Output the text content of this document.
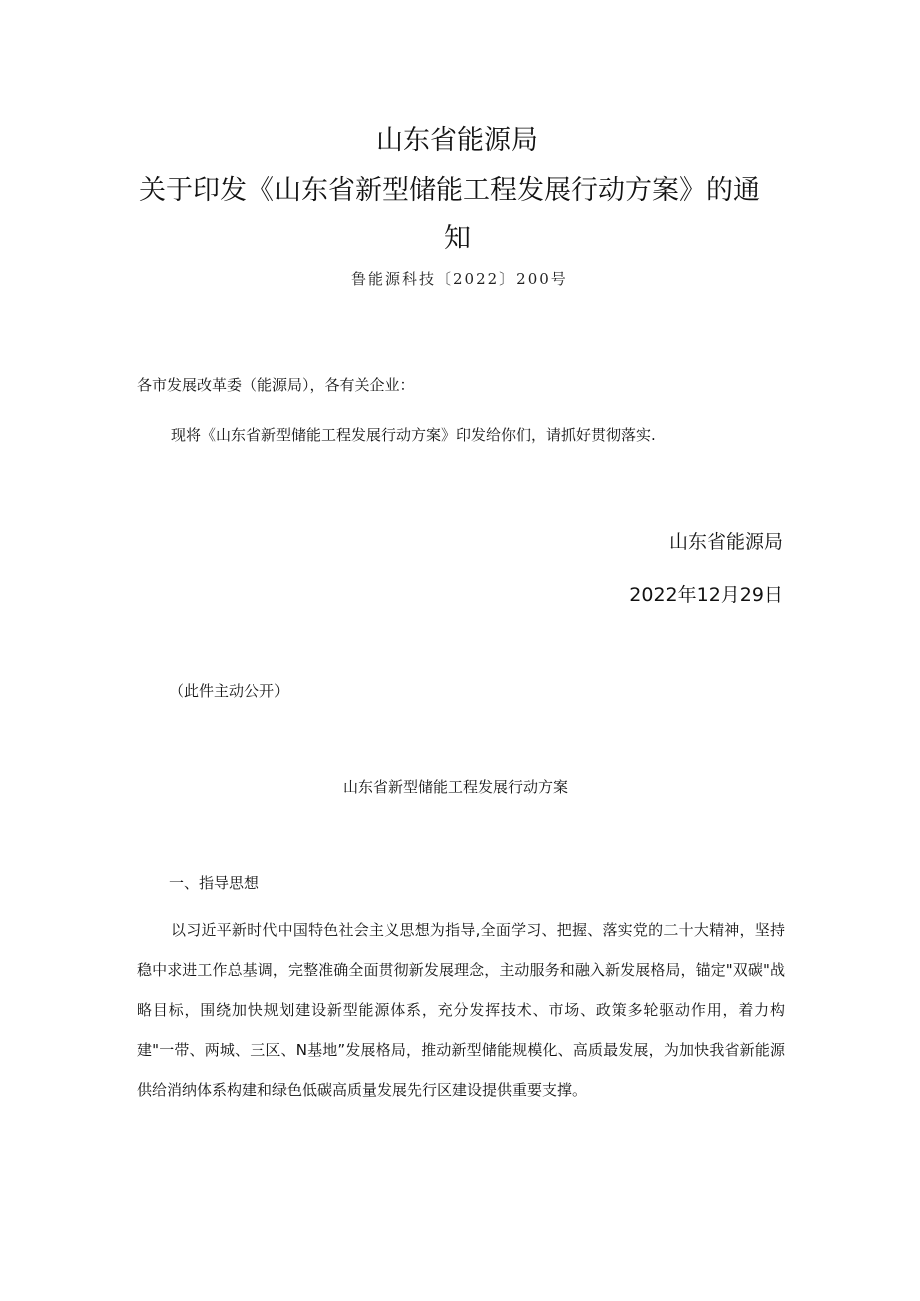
山东省能源局
关于印发《山东省新型储能工程发展行动方案》的通
知
鲁能源科技〔2022〕200号
各市发展改革委（能源局），各有关企业：
现将《山东省新型储能工程发展行动方案》印发给你们，请抓好贯彻落实.
山东省能源局
2022年12月29日
（此件主动公开）
山东省新型储能工程发展行动方案
一、指导思想
以习近平新时代中国特色社会主义思想为指导,全面学习、把握、落实党的二十大精神，坚持稳中求进工作总基调，完整准确全面贯彻新发展理念，主动服务和融入新发展格局，锚定"双碳"战略目标，围绕加快规划建设新型能源体系，充分发挥技术、市场、政策多轮驱动作用，着力构建"一带、两城、三区、N基地”发展格局，推动新型储能规模化、高质最发展，为加快我省新能源供给消纳体系构建和绿色低碳高质量发展先行区建设提供重要支撑。
